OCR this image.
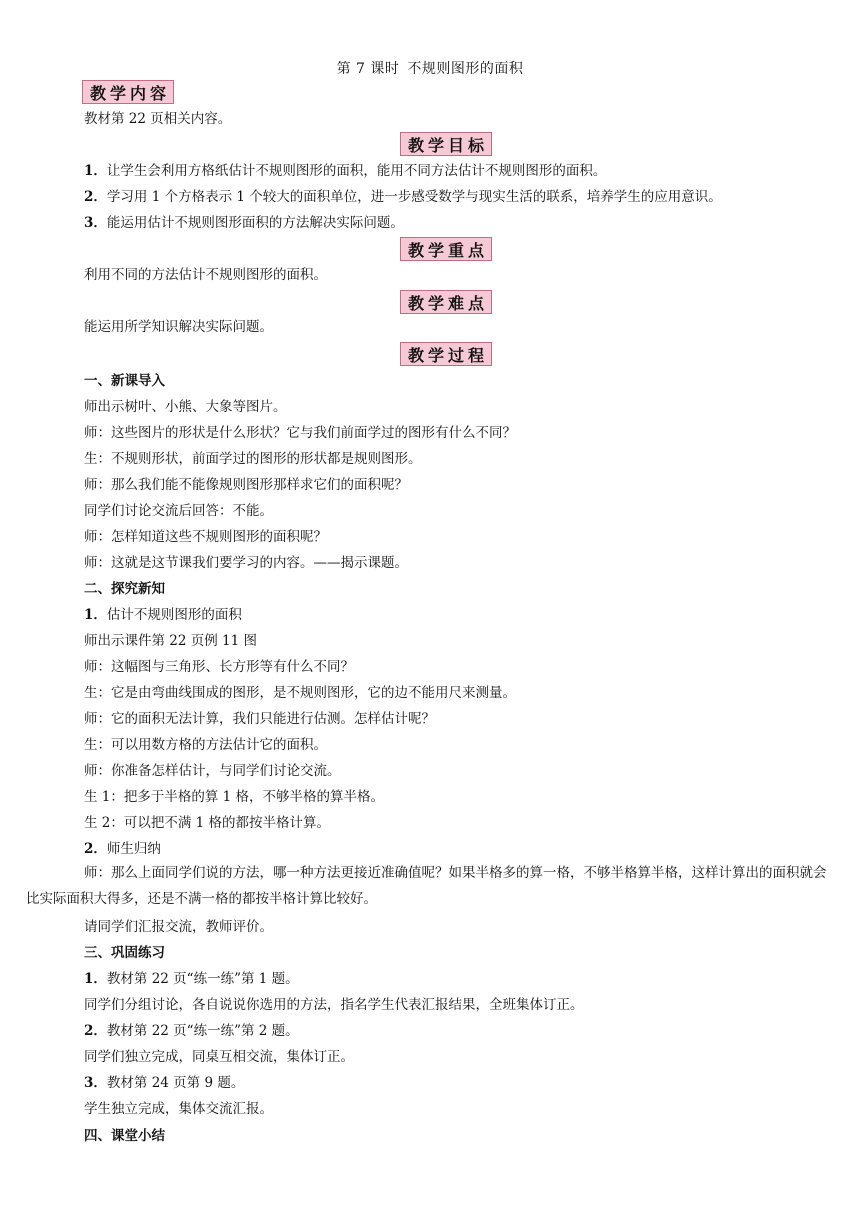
第 7 课时 不规则图形的面积
教学内容
教材第 22 页相关内容。
教学目标
1．让学生会利用方格纸估计不规则图形的面积，能用不同方法估计不规则图形的面积。
2．学习用 1 个方格表示 1 个较大的面积单位，进一步感受数学与现实生活的联系，培养学生的应用意识。
3．能运用估计不规则图形面积的方法解决实际问题。
教学重点
利用不同的方法估计不规则图形的面积。
教学难点
能运用所学知识解决实际问题。
教学过程
一、新课导入
师出示树叶、小熊、大象等图片。
师：这些图片的形状是什么形状？它与我们前面学过的图形有什么不同？
生：不规则形状，前面学过的图形的形状都是规则图形。
师：那么我们能不能像规则图形那样求它们的面积呢？
同学们讨论交流后回答：不能。
师：怎样知道这些不规则图形的面积呢？
师：这就是这节课我们要学习的内容。——揭示课题。
二、探究新知
1．估计不规则图形的面积
师出示课件第 22 页例 11 图
师：这幅图与三角形、长方形等有什么不同？
生：它是由弯曲线围成的图形，是不规则图形，它的边不能用尺来测量。
师：它的面积无法计算，我们只能进行估测。怎样估计呢？
生：可以用数方格的方法估计它的面积。
师：你准备怎样估计，与同学们讨论交流。
生 1：把多于半格的算 1 格，不够半格的算半格。
生 2：可以把不满 1 格的都按半格计算。
2．师生归纳
师：那么上面同学们说的方法，哪一种方法更接近准确值呢？如果半格多的算一格，不够半格算半格，这样计算出的面积就会比实际面积大得多，还是不满一格的都按半格计算比较好。
请同学们汇报交流，教师评价。
三、巩固练习
1．教材第 22 页“练一练”第 1 题。
同学们分组讨论，各自说说你选用的方法，指名学生代表汇报结果，全班集体订正。
2．教材第 22 页“练一练”第 2 题。
同学们独立完成，同桌互相交流，集体订正。
3．教材第 24 页第 9 题。
学生独立完成，集体交流汇报。
四、课堂小结
